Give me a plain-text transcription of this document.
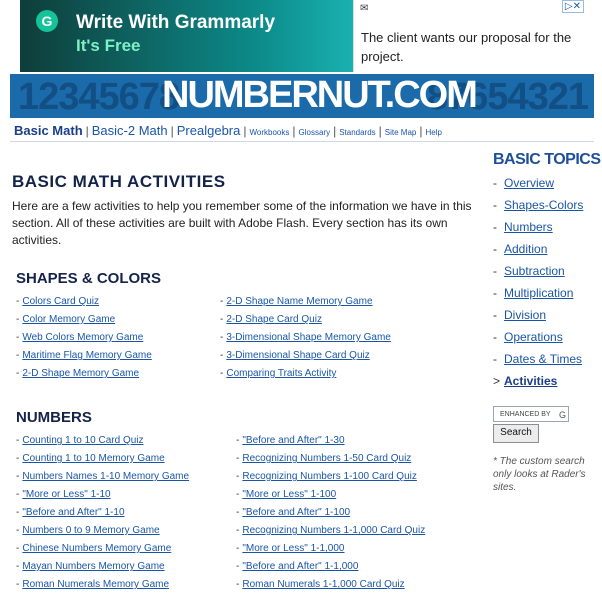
G Write With Grammarly
It's Free
✉	▷✕
The client wants our proposal for the project.
12345678	87654321
NUMBERNUT.COM
Basic Math | Basic-2 Math | Prealgebra | Workbooks | Glossary | Standards | Site Map | Help
BASIC MATH ACTIVITIES
Here are a few activities to help you remember some of the information we have in this section. All of these activities are built with Adobe Flash. Every section has its own activities.
SHAPES & COLORS
- Colors Card Quiz
- Color Memory Game
- Web Colors Memory Game
- Maritime Flag Memory Game
- 2-D Shape Memory Game
- 2-D Shape Name Memory Game
- 2-D Shape Card Quiz
- 3-Dimensional Shape Memory Game
- 3-Dimensional Shape Card Quiz
- Comparing Traits Activity
NUMBERS
- Counting 1 to 10 Card Quiz
- Counting 1 to 10 Memory Game
- Numbers Names 1-10 Memory Game
- "More or Less" 1-10
- "Before and After" 1-10
- Numbers 0 to 9 Memory Game
- Chinese Numbers Memory Game
- Mayan Numbers Memory Game
- Roman Numerals Memory Game
- "Before and After" 1-30
- Recognizing Numbers 1-50 Card Quiz
- Recognizing Numbers 1-100 Card Quiz
- "More or Less" 1-100
- "Before and After" 1-100
- Recognizing Numbers 1-1,000 Card Quiz
- "More or Less" 1-1,000
- "Before and After" 1-1,000
- Roman Numerals 1-1,000 Card Quiz
BASIC TOPICS
- Overview
- Shapes-Colors
- Numbers
- Addition
- Subtraction
- Multiplication
- Division
- Operations
- Dates & Times
> Activities
ENHANCED BY G
Search
* The custom search only looks at Rader's sites.
